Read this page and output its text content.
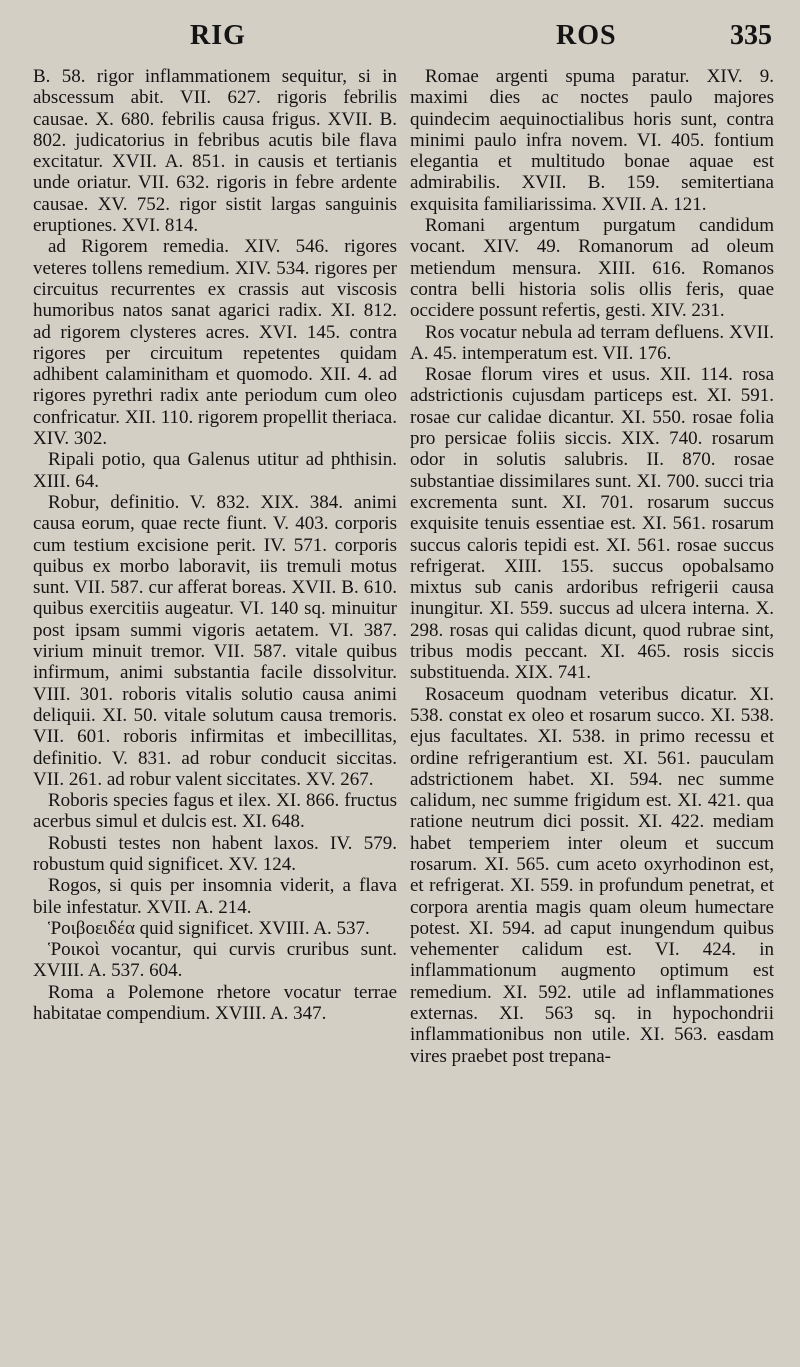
RIG	ROS	335

B. 58. rigor inflammationem sequitur, si in abscessum abit. VII. 627. rigoris febrilis causae. X. 680. febrilis causa frigus. XVII. B. 802. judicatorius in febribus acutis bile flava excitatur. XVII. A. 851. in causis et tertianis unde oriatur. VII. 632. rigoris in febre ardente causae. XV. 752. rigor sistit largas sanguinis eruptiones. XVI. 814.

ad Rigorem remedia. XIV. 546. rigores veteres tollens remedium. XIV. 534. rigores per circuitus recurrentes ex crassis aut viscosis humoribus natos sanat agarici radix. XI. 812. ad rigorem clysteres acres. XVI. 145. contra rigores per circuitum repetentes quidam adhibent calaminitham et quomodo. XII. 4. ad rigores pyrethri radix ante periodum cum oleo confricatur. XII. 110. rigorem propellit theriaca. XIV. 302.

Ripali potio, qua Galenus utitur ad phthisin. XIII. 64.

Robur, definitio. V. 832. XIX. 384. animi causa eorum, quae recte fiunt. V. 403. corporis cum testium excisione perit. IV. 571. corporis quibus ex morbo laboravit, iis tremuli motus sunt. VII. 587. cur afferat boreas. XVII. B. 610. quibus exercitiis augeatur. VI. 140 sq. minuitur post ipsam summi vigoris aetatem. VI. 387. virium minuit tremor. VII. 587. vitale quibus infirmum, animi substantia facile dissolvitur. VIII. 301. roboris vitalis solutio causa animi deliquii. XI. 50. vitale solutum causa tremoris. VII. 601. roboris infirmitas et imbecillitas, definitio. V. 831. ad robur conducit siccitas. VII. 261. ad robur valent siccitates. XV. 267.

Roboris species fagus et ilex. XI. 866. fructus acerbus simul et dulcis est. XI. 648.

Robusti testes non habent laxos. IV. 579. robustum quid significet. XV. 124.

Rogos, si quis per insomnia viderit, a flava bile infestatur. XVII. A. 214.

Ῥοιβοειδέα quid significet. XVIII. A. 537.

Ῥοικοὶ vocantur, qui curvis cruribus sunt. XVIII. A. 537. 604.

Roma a Polemone rhetore vocatur terrae habitatae compendium. XVIII. A. 347.

Romae argenti spuma paratur. XIV. 9. maximi dies ac noctes paulo majores quindecim aequinoctialibus horis sunt, contra minimi paulo infra novem. VI. 405. fontium elegantia et multitudo bonae aquae est admirabilis. XVII. B. 159. semitertiana exquisita familiarissima. XVII. A. 121.

Romani argentum purgatum candidum vocant. XIV. 49. Romanorum ad oleum metiendum mensura. XIII. 616. Romanos contra belli historia solis ollis feris, quae occidere possunt refertis, gesti. XIV. 231.

Ros vocatur nebula ad terram defluens. XVII. A. 45. intemperatum est. VII. 176.

Rosae florum vires et usus. XII. 114. rosa adstrictionis cujusdam particeps est. XI. 591. rosae cur calidae dicantur. XI. 550. rosae folia pro persicae foliis siccis. XIX. 740. rosarum odor in solutis salubris. II. 870. rosae substantiae dissimilares sunt. XI. 700. succi tria excrementa sunt. XI. 701. rosarum succus exquisite tenuis essentiae est. XI. 561. rosarum succus caloris tepidi est. XI. 561. rosae succus refrigerat. XIII. 155. succus opobalsamo mixtus sub canis ardoribus refrigerii causa inungitur. XI. 559. succus ad ulcera interna. X. 298. rosas qui calidas dicunt, quod rubrae sint, tribus modis peccant. XI. 465. rosis siccis substituenda. XIX. 741.

Rosaceum quodnam veteribus dicatur. XI. 538. constat ex oleo et rosarum succo. XI. 538. ejus facultates. XI. 538. in primo recessu et ordine refrigerantium est. XI. 561. pauculam adstrictionem habet. XI. 594. nec summe calidum, nec summe frigidum est. XI. 421. qua ratione neutrum dici possit. XI. 422. mediam habet temperiem inter oleum et succum rosarum. XI. 565. cum aceto oxyrhodinon est, et refrigerat. XI. 559. in profundum penetrat, et corpora arentia magis quam oleum humectare potest. XI. 594. ad caput inungendum quibus vehementer calidum est. VI. 424. in inflammationum augmento optimum est remedium. XI. 592. utile ad inflammationes externas. XI. 563 sq. in hypochondrii inflammationibus non utile. XI. 563. easdam vires praebet post trepana-
